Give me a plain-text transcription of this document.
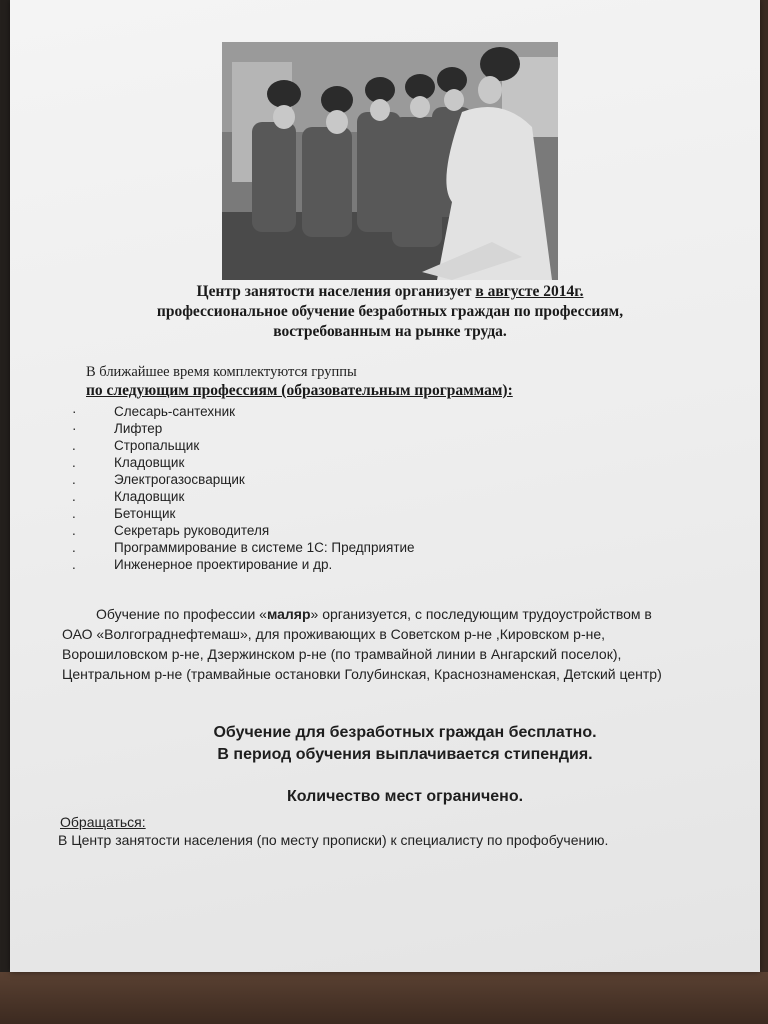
Центр занятости населения организует в августе 2014г.
профессиональное обучение безработных граждан по профессиям,
востребованным на рынке труда.
В ближайшее время комплектуются группы
по следующим профессиям (образовательным программам):
·	Слесарь-сантехник
·	Лифтер
.	Стропальщик
.	Кладовщик
.	Электрогазосварщик
.	Кладовщик
.	Бетонщик
.	Секретарь руководителя
.	Программирование в системе 1С: Предприятие
.	Инженерное проектирование и др.
Обучение по профессии «маляр» организуется, с последующим трудоустройством в
ОАО «Волгограднефтемаш», для проживающих в Советском р-не ,Кировском р-не,
Ворошиловском р-не, Дзержинском р-не (по трамвайной линии в Ангарский поселок),
Центральном р-не (трамвайные остановки Голубинская, Краснознаменская, Детский центр)
Обучение для безработных граждан бесплатно.
В период обучения выплачивается стипендия.
Количество мест ограничено.
Обращаться:
В Центр занятости населения (по месту прописки) к специалисту по профобучению.
